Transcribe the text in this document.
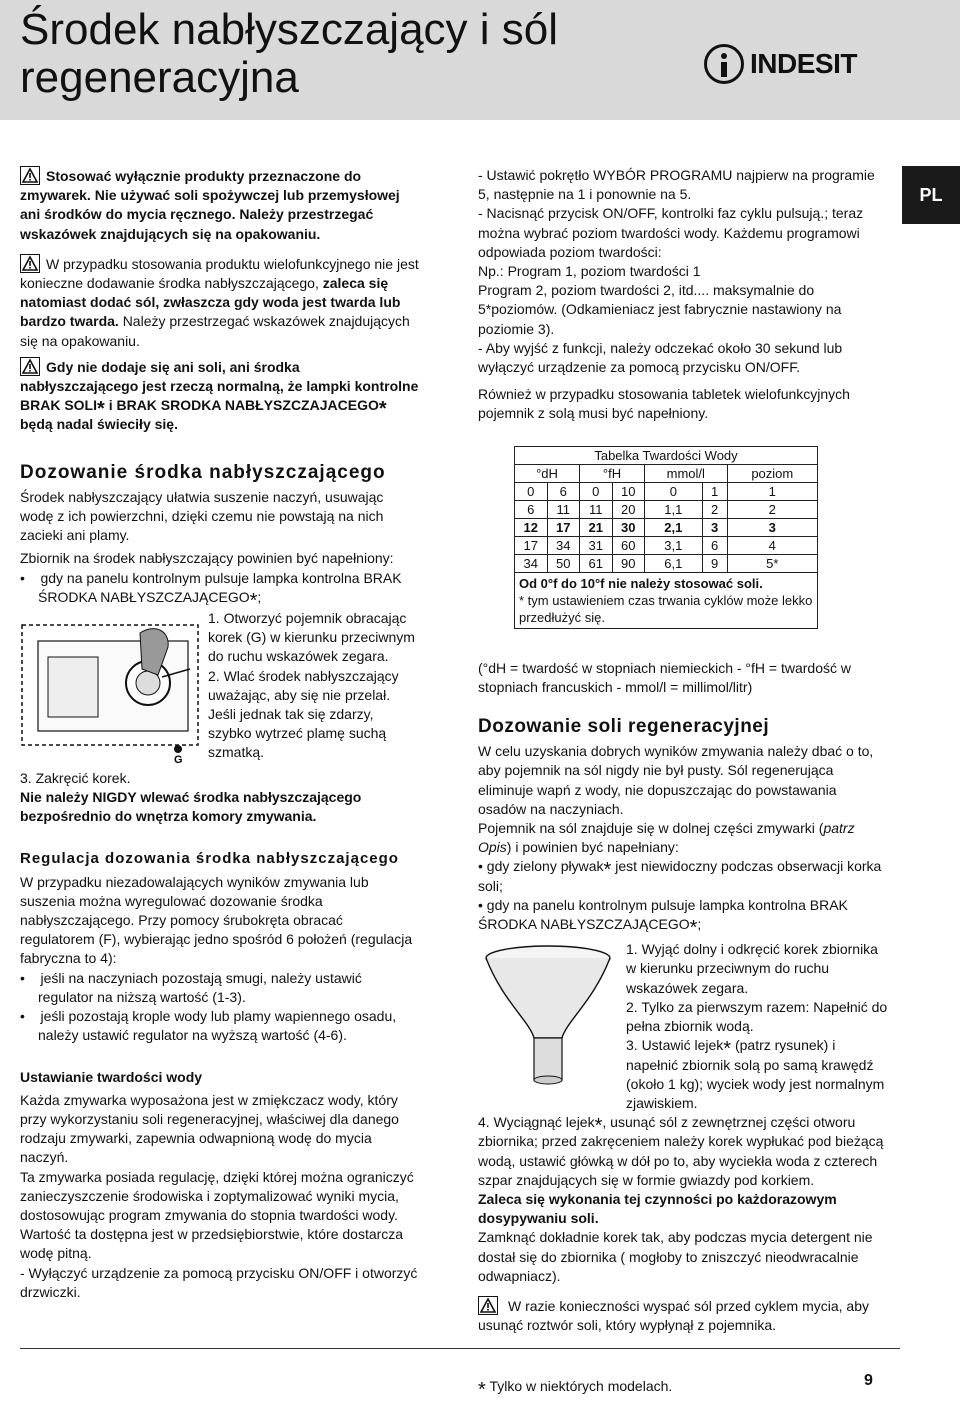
Środek nabłyszczający i sól
regeneracyjna	INDESIT
PL

Stosować wyłącznie produkty przeznaczone do zmywarek. Nie używać soli spożywczej lub przemysłowej ani środków do mycia ręcznego. Należy przestrzegać wskazówek znajdujących się na opakowaniu.

W przypadku stosowania produktu wielofunkcyjnego nie jest konieczne dodawanie środka nabłyszczającego, zaleca się natomiast dodać sól, zwłaszcza gdy woda jest twarda lub bardzo twarda. Należy przestrzegać wskazówek znajdujących się na opakowaniu.

Gdy nie dodaje się ani soli, ani środka nabłyszczającego jest rzeczą normalną, że lampki kontrolne BRAK SOLI* i BRAK SRODKA NABŁYSZCZAJACEGO* będą nadal świeciły się.

Dozowanie środka nabłyszczającego

Środek nabłyszczający ułatwia suszenie naczyń, usuwając wodę z ich powierzchni, dzięki czemu nie powstają na nich zacieki ani plamy.

Zbiornik na środek nabłyszczający powinien być napełniony:

•    gdy na panelu kontrolnym pulsuje lampka kontrolna BRAK ŚRODKA NABŁYSZCZAJĄCEGO*;

G

1. Otworzyć pojemnik obracając korek (G) w kierunku przeciwnym do ruchu wskazówek zegara.

2. Wlać środek nabłyszczający uważając, aby się nie przelał. Jeśli jednak tak się zdarzy, szybko wytrzeć plamę suchą szmatką.

3. Zakręcić korek.

Nie należy NIGDY wlewać środka nabłyszczającego bezpośrednio do wnętrza komory zmywania.

Regulacja dozowania środka nabłyszczającego

W przypadku niezadowalających wyników zmywania lub suszenia można wyregulować dozowanie środka nabłyszczającego. Przy pomocy śrubokręta obracać regulatorem (F), wybierając jedno spośród 6 położeń (regulacja fabryczna to 4):

•    jeśli na naczyniach pozostają smugi, należy ustawić regulator na niższą wartość (1-3).

•    jeśli pozostają krople wody lub plamy wapiennego osadu, należy ustawić regulator na wyższą wartość (4-6).

Ustawianie twardości wody

Każda zmywarka wyposażona jest w zmiękczacz wody, który przy wykorzystaniu soli regeneracyjnej, właściwej dla danego rodzaju zmywarki, zapewnia odwapnioną wodę do mycia naczyń.

Ta zmywarka posiada regulację, dzięki której można ograniczyć zanieczyszczenie środowiska i zoptymalizować wyniki mycia, dostosowując program zmywania do stopnia twardości wody. Wartość ta dostępna jest w przedsiębiorstwie, które dostarcza wodę pitną.

- Wyłączyć urządzenie za pomocą przycisku ON/OFF i otworzyć drzwiczki.

- Ustawić pokrętło WYBÓR PROGRAMU najpierw na programie 5, następnie na 1 i ponownie na 5.

- Nacisnąć przycisk ON/OFF, kontrolki faz cyklu pulsują.; teraz można wybrać poziom twardości wody. Każdemu programowi odpowiada poziom twardości:

Np.: Program 1, poziom twardości 1

Program 2, poziom twardości 2, itd.... maksymalnie do 5*poziomów. (Odkamieniacz jest fabrycznie nastawiony na poziomie 3).

- Aby wyjść z funkcji, należy odczekać około 30 sekund lub wyłączyć urządzenie za pomocą przycisku ON/OFF.

Również w przypadku stosowania tabletek wielofunkcyjnych pojemnik z solą musi być napełniony.

Tabelka Twardości Wody						
°dH		°fH		mmol/l		poziom
0	6	0	10	0	1	1
6	11	11	20	1,1	2	2
12	17	21	30	2,1	3	3
17	34	31	60	3,1	6	4
34	50	61	90	6,1	9	5*
Od 0°f do 10°f nie należy stosować soli.
* tym ustawieniem czas trwania cyklów może lekko przedłużyć się.						

(°dH = twardość w stopniach niemieckich - °fH = twardość w stopniach francuskich - mmol/l = millimol/litr)

Dozowanie soli regeneracyjnej

W celu uzyskania dobrych wyników zmywania należy dbać o to, aby pojemnik na sól nigdy nie był pusty. Sól regenerująca eliminuje wapń z wody, nie dopuszczając do powstawania osadów na naczyniach.

Pojemnik na sól znajduje się w dolnej części zmywarki (patrz Opis) i powinien być napełniany:

• gdy zielony pływak* jest niewidoczny podczas obserwacji korka soli;

• gdy na panelu kontrolnym pulsuje lampka kontrolna BRAK ŚRODKA NABŁYSZCZAJĄCEGO*;

1. Wyjąć dolny i odkręcić korek zbiornika w kierunku przeciwnym do ruchu wskazówek zegara.

2. Tylko za pierwszym razem: Napełnić do pełna zbiornik wodą.

3. Ustawić lejek* (patrz rysunek) i napełnić zbiornik solą po samą krawędź (około 1 kg); wyciek wody jest normalnym zjawiskiem.

4. Wyciągnąć lejek*, usunąć sól z zewnętrznej części otworu zbiornika; przed zakręceniem należy korek wypłukać pod bieżącą wodą, ustawić główką w dół po to, aby wyciekła woda z czterech szpar znajdujących się w formie gwiazdy pod korkiem.

Zaleca się wykonania tej czynności po każdorazowym dosypywaniu soli.

Zamknąć dokładnie korek tak, aby podczas mycia detergent nie dostał się do zbiornika ( mogłoby to zniszczyć nieodwracalnie odwapniacz).

W razie konieczności wyspać sól przed cyklem mycia, aby usunąć roztwór soli, który wypłynął z pojemnika.

* Tylko w niektórych modelach.	9
